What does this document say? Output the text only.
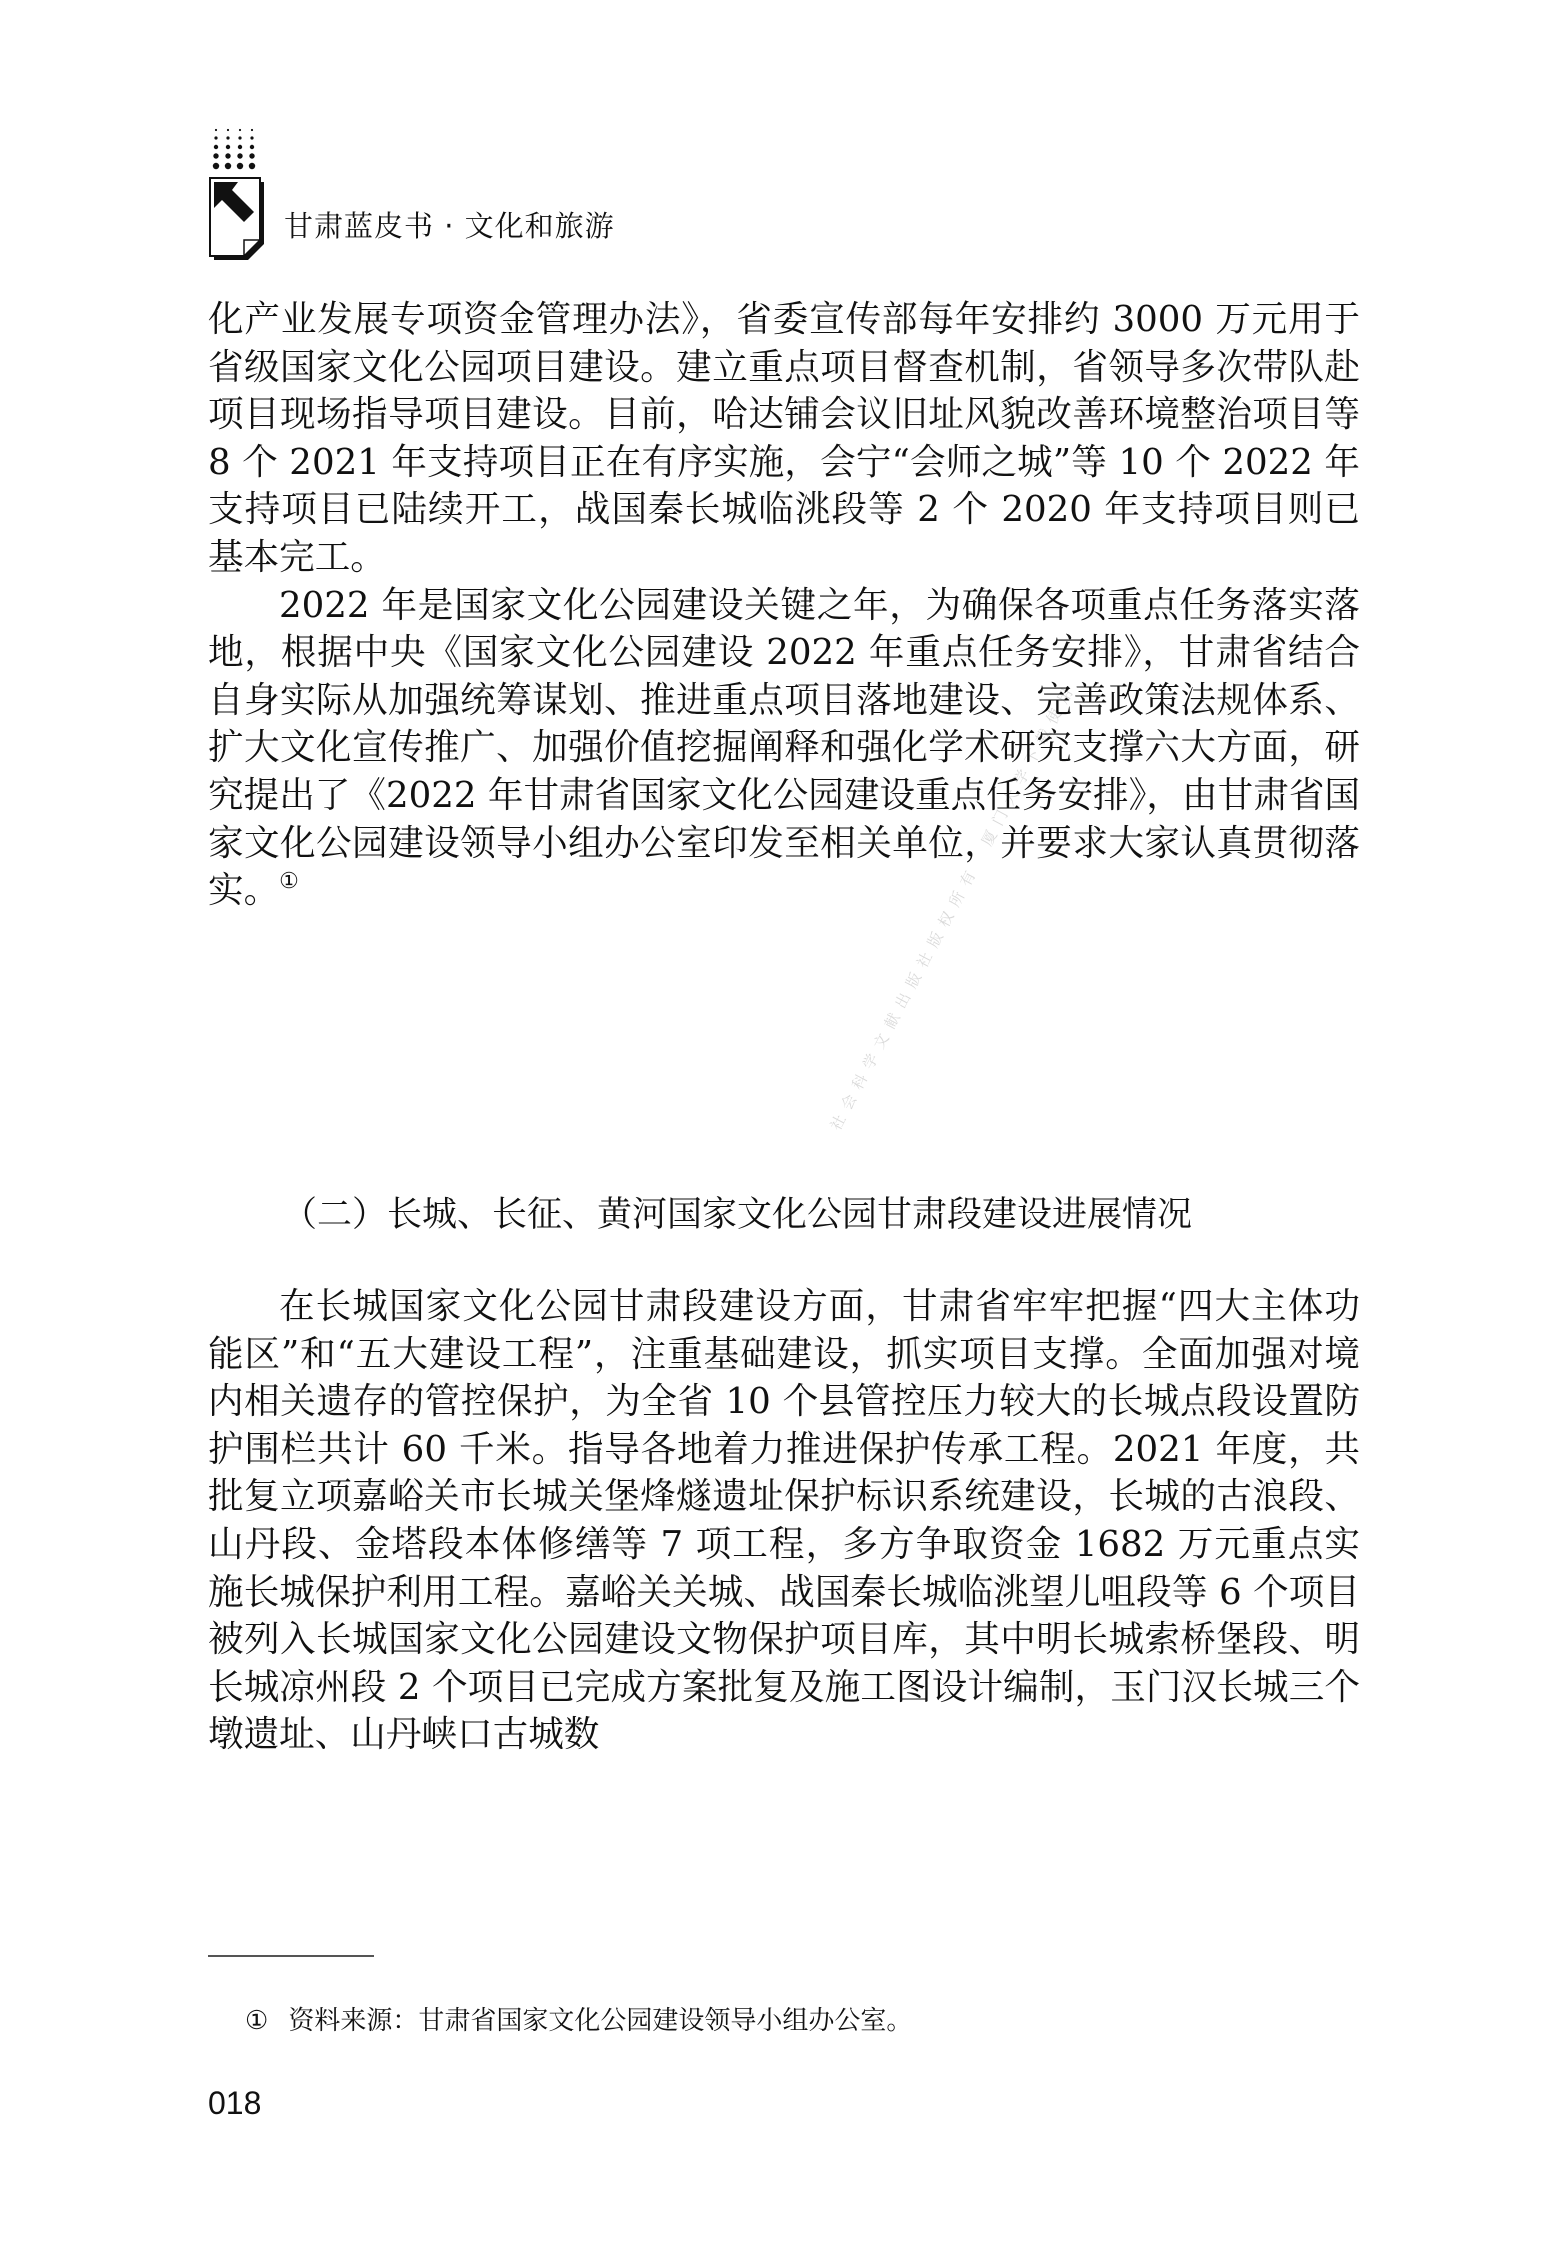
甘肃蓝皮书 · 文化和旅游
社会科学文献出版社版权所有　厦门大学下载使用

化产业发展专项资金管理办法》，省委宣传部每年安排约 3000 万元用于省级国家文化公园项目建设。建立重点项目督查机制，省领导多次带队赴项目现场指导项目建设。目前，哈达铺会议旧址风貌改善环境整治项目等 8 个 2021 年支持项目正在有序实施，会宁“会师之城”等 10 个 2022 年支持项目已陆续开工，战国秦长城临洮段等 2 个 2020 年支持项目则已基本完工。

2022 年是国家文化公园建设关键之年，为确保各项重点任务落实落地，根据中央《国家文化公园建设 2022 年重点任务安排》，甘肃省结合自身实际从加强统筹谋划、推进重点项目落地建设、完善政策法规体系、扩大文化宣传推广、加强价值挖掘阐释和强化学术研究支撑六大方面，研究提出了《2022 年甘肃省国家文化公园建设重点任务安排》，由甘肃省国家文化公园建设领导小组办公室印发至相关单位，并要求大家认真贯彻落实。①

（二）长城、长征、黄河国家文化公园甘肃段建设进展情况

在长城国家文化公园甘肃段建设方面，甘肃省牢牢把握“四大主体功能区”和“五大建设工程”，注重基础建设，抓实项目支撑。全面加强对境内相关遗存的管控保护，为全省 10 个县管控压力较大的长城点段设置防护围栏共计 60 千米。指导各地着力推进保护传承工程。2021 年度，共批复立项嘉峪关市长城关堡烽燧遗址保护标识系统建设，长城的古浪段、山丹段、金塔段本体修缮等 7 项工程，多方争取资金 1682 万元重点实施长城保护利用工程。嘉峪关关城、战国秦长城临洮望儿咀段等 6 个项目被列入长城国家文化公园建设文物保护项目库，其中明长城索桥堡段、明长城凉州段 2 个项目已完成方案批复及施工图设计编制，玉门汉长城三个墩遗址、山丹峡口古城数

① 资料来源：甘肃省国家文化公园建设领导小组办公室。
018
